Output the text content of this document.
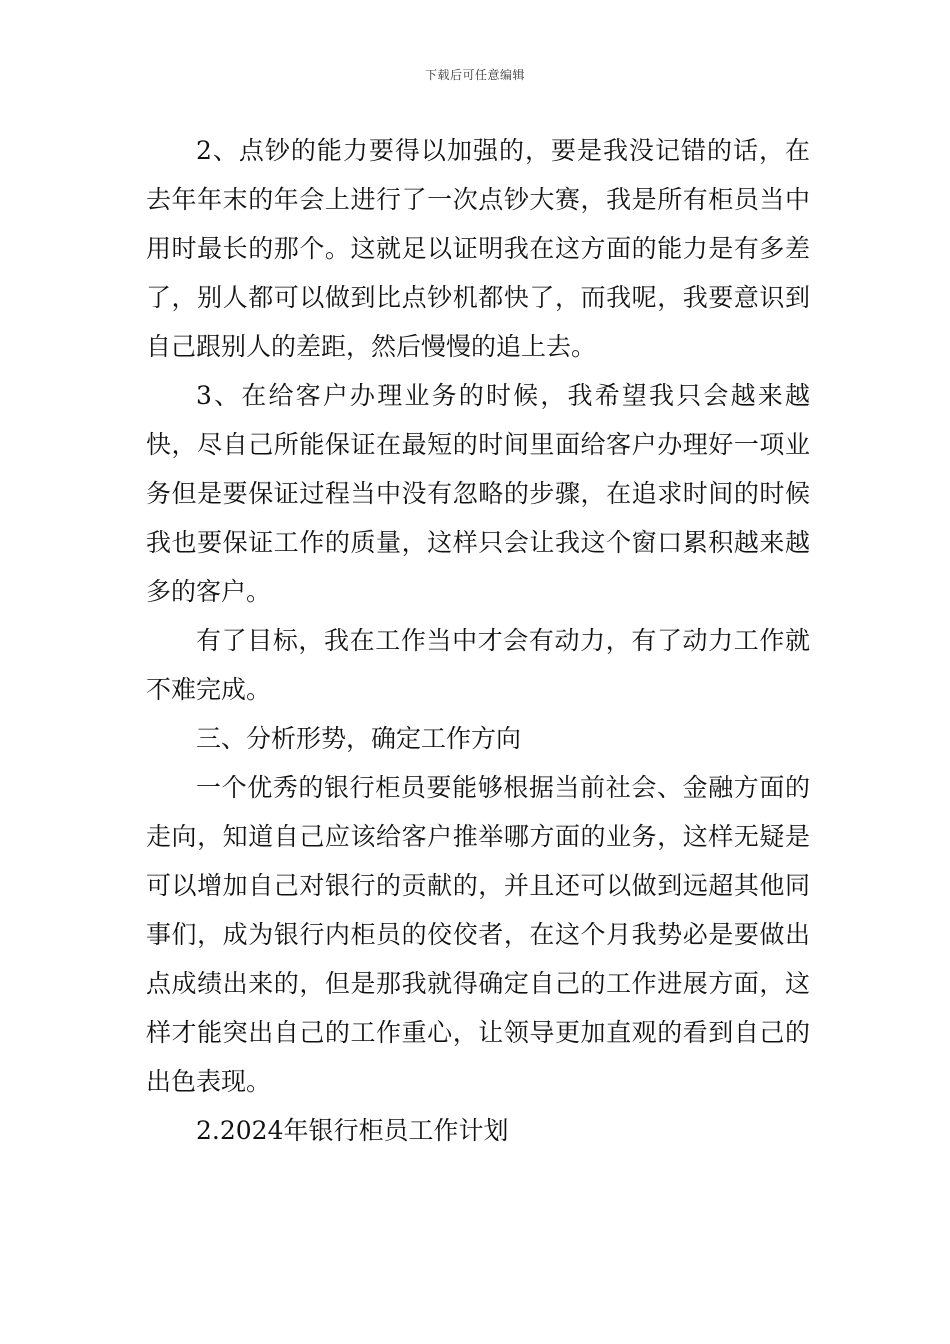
下载后可任意编辑

2、点钞的能力要得以加强的，要是我没记错的话，在去年年末的年会上进行了一次点钞大赛，我是所有柜员当中用时最长的那个。这就足以证明我在这方面的能力是有多差了，别人都可以做到比点钞机都快了，而我呢，我要意识到自己跟别人的差距，然后慢慢的追上去。

3、在给客户办理业务的时候，我希望我只会越来越快，尽自己所能保证在最短的时间里面给客户办理好一项业务但是要保证过程当中没有忽略的步骤，在追求时间的时候我也要保证工作的质量，这样只会让我这个窗口累积越来越多的客户。

有了目标，我在工作当中才会有动力，有了动力工作就不难完成。

三、分析形势，确定工作方向

一个优秀的银行柜员要能够根据当前社会、金融方面的走向，知道自己应该给客户推举哪方面的业务，这样无疑是可以增加自己对银行的贡献的，并且还可以做到远超其他同事们，成为银行内柜员的佼佼者，在这个月我势必是要做出点成绩出来的，但是那我就得确定自己的工作进展方面，这样才能突出自己的工作重心，让领导更加直观的看到自己的出色表现。

2.2024年银行柜员工作计划
